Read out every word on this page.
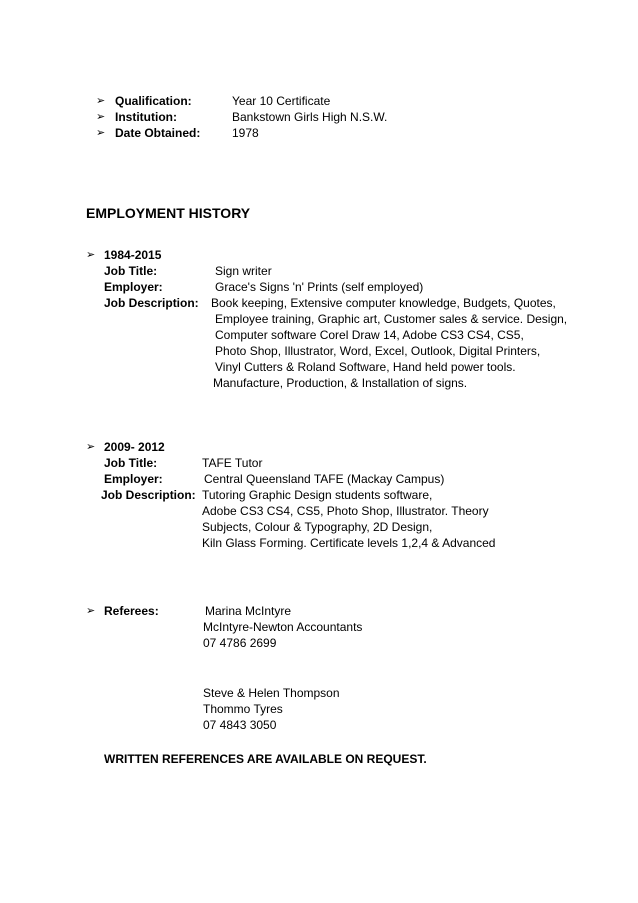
➢ Qualification:	Year 10 Certificate
➢ Institution:	Bankstown Girls High N.S.W.
➢ Date Obtained:	1978
EMPLOYMENT HISTORY
➢ 1984-2015
Job Title:	Sign writer
Employer:	Grace's Signs 'n' Prints (self employed)
Job Description: Book keeping, Extensive computer knowledge, Budgets, Quotes,
Employee training, Graphic art, Customer sales & service. Design,
Computer software Corel Draw 14, Adobe CS3 CS4, CS5,
Photo Shop, Illustrator, Word, Excel, Outlook, Digital Printers,
Vinyl Cutters & Roland Software, Hand held power tools.
Manufacture, Production, & Installation of signs.
➢ 2009- 2012
Job Title:	TAFE Tutor
Employer:	Central Queensland TAFE (Mackay Campus)
Job Description: Tutoring Graphic Design students software,
Adobe CS3 CS4, CS5, Photo Shop, Illustrator. Theory
Subjects, Colour & Typography, 2D Design,
Kiln Glass Forming. Certificate levels 1,2,4 & Advanced
➢ Referees:	Marina McIntyre
McIntyre-Newton Accountants
07 4786 2699
Steve & Helen Thompson
Thommo Tyres
07 4843 3050
WRITTEN REFERENCES ARE AVAILABLE ON REQUEST.
